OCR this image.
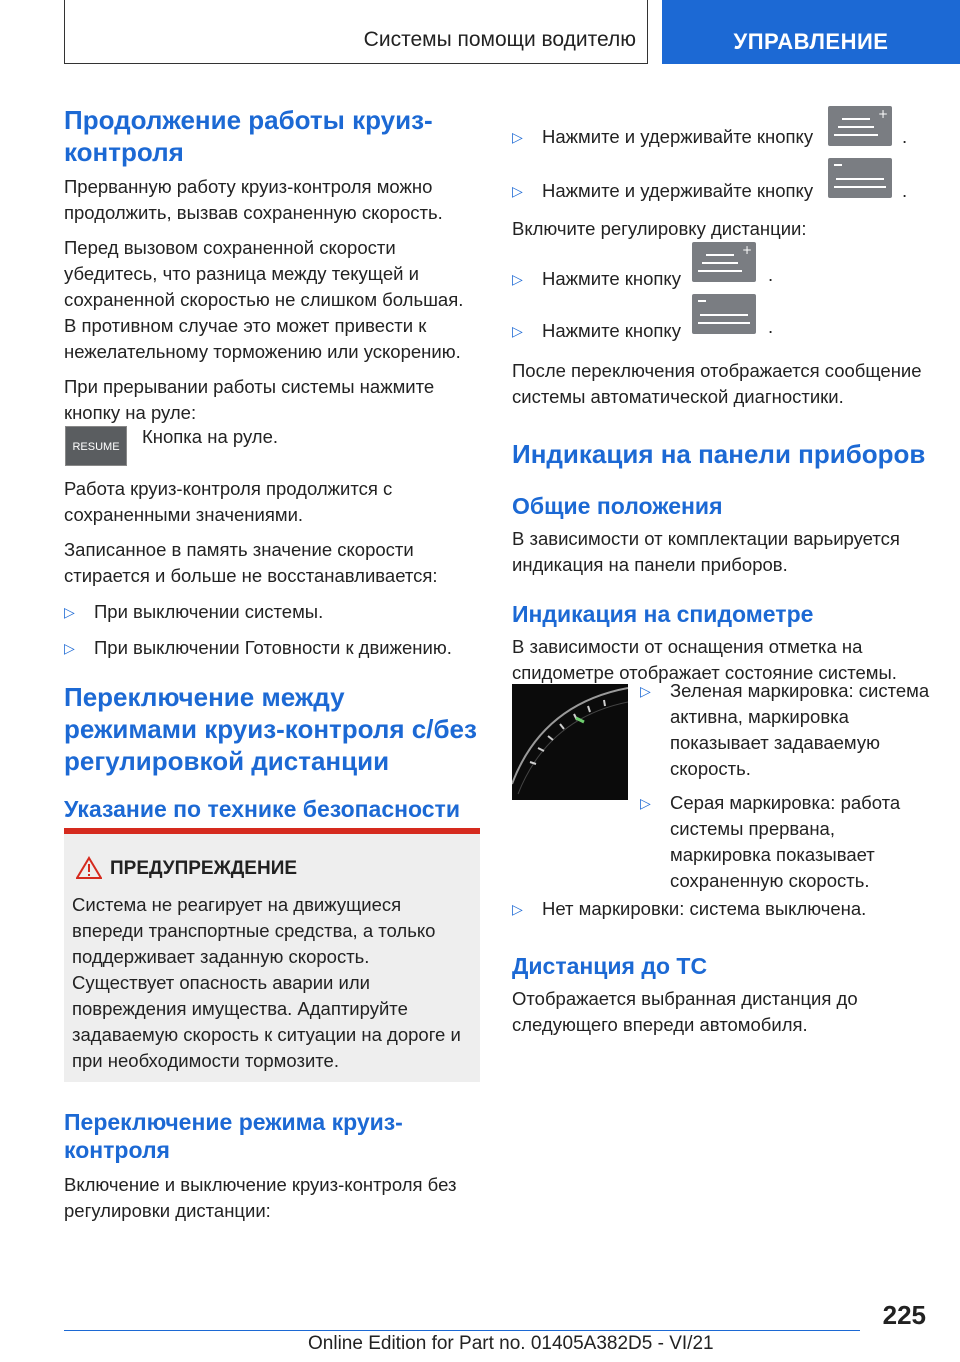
Системы помощи водителю	УПРАВЛЕНИЕ
Продолжение работы круиз-контроля

Прерванную работу круиз-контроля можно продолжить, вызвав сохраненную скорость.

Перед вызовом сохраненной скорости убедитесь, что разница между текущей и сохраненной скоростью не слишком большая. В противном случае это может привести к нежелательному торможению или ускорению.

При прерывании работы системы нажмите кнопку на руле:

RESUME	Кнопка на руле.

Работа круиз-контроля продолжится с сохраненными значениями.

Записанное в память значение скорости стирается и больше не восстанавливается:

▷ При выключении системы.
▷ При выключении Готовности к движению.
Переключение между режимами круиз-контроля с/без регулировкой дистанции
Указание по технике безопасности
ПРЕДУПРЕЖДЕНИЕ

Система не реагирует на движущиеся впереди транспортные средства, а только поддерживает заданную скорость. Существует опасность аварии или повреждения имущества. Адаптируйте задаваемую скорость к ситуации на дороге и при необходимости тормозите.

Переключение режима круиз-контроля

Включение и выключение круиз-контроля без регулировки дистанции:

▷ Нажмите и удерживайте кнопку
▷ Нажмите и удерживайте кнопку

Включите регулировку дистанции:

▷ Нажмите кнопку
▷ Нажмите кнопку

После переключения отображается сообщение системы автоматической диагностики.

Индикация на панели приборов
Общие положения

В зависимости от комплектации варьируется индикация на панели приборов.

Индикация на спидометре

В зависимости от оснащения отметка на спидометре отображает состояние системы.

+
.
.
+
.
.
▷ Зеленая маркировка: система активна, маркировка показывает задаваемую скорость.
▷ Серая маркировка: работа системы прервана, маркировка показывает сохраненную скорость.
▷ Нет маркировки: система выключена.
Дистанция до ТС

Отображается выбранная дистанция до следующего впереди автомобиля.

225
Online Edition for Part no. 01405A382D5 - VI/21
